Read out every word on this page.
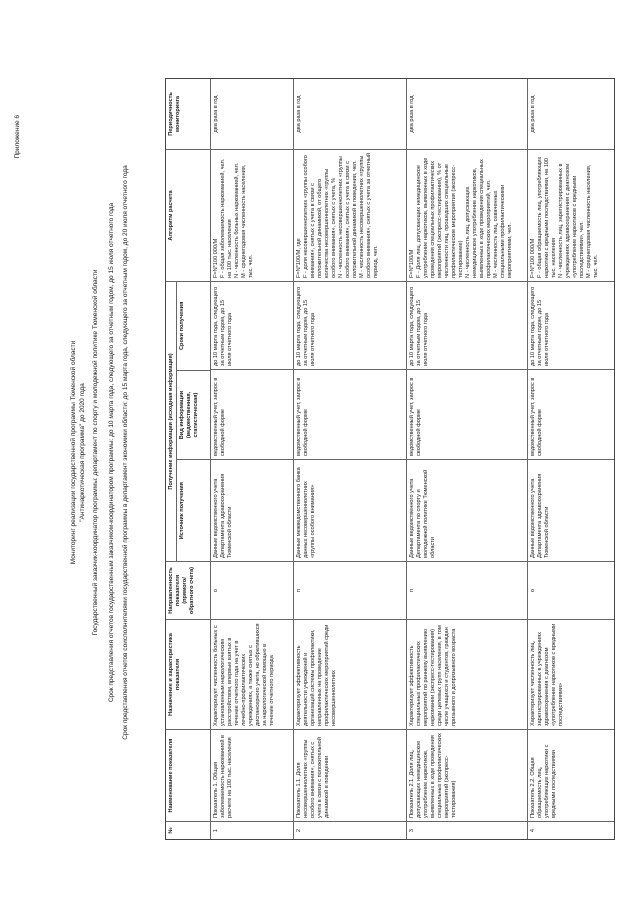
Приложение 6
Мониторинг реализации государственной программы Тюменской области "Антинаркотическая программа" до 2020 года Государственный заказчик-координатор программы: департамент по спорту и молодежной политике Тюменской области Срок представления отчетов государственным заказчиком-координатором программы: до 10 марта года, следующего за отчетным годом, до 15 июля отчетного года Срок представления отчетов соисполнителями государственной программы в департамент экономики области: до 15 марта года, следующего за отчетным годом, до 20 июля отчетного года
№
Наименование показателя
Назначение и характеристика показателя
Направленность показателя (прямого/обратного счета)
Получение информации (исходная информация)
Источник получения
Вид информации (ведомственная, статистическая)
Сроки получения
Алгоритм расчета
Периодичность мониторинга
1
Показатель 1. Общая заболеваемость наркоманией в расчете на 100 тыс. населения
Характеризует численность больных с установленным наркологическим расстройством, впервые взятых в течение отчетного года на учет в лечебно-профилактических учреждениях, а также снятых с диспансерного учета, но обратившихся за наркологической помощью в течение отчетного периода
о
Данные ведомственного учета Департамента здравоохранения Тюменской области
ведомственный учет, запрос в свободной форме
до 10 марта года, следующего за отчетным годом, до 15 июля отчетного года
F=N*100 000/M
F - общая заболеваемость наркоманией, чел. на 100 тыс. населения
N - численность больных наркоманией, чел.
M - среднегодовая численность населения, тыс. чел.
два раза в год
2
Показатель 1.1. Доля несовершеннолетних «группы особого внимания», снятых с учета в связи с положительной динамикой в поведении
Характеризует эффективность деятельности учреждений и организаций системы профилактики, направленных на проведение профилактических мероприятий среди несовершеннолетних
п
Данные межведомственного банка данных несовершеннолетних «группы особого внимания»
ведомственный учет, запрос в свободной форме
до 10 марта года, следующего за отчетным годом, до 15 июля отчетного года
F=N*100/M, где
F - доля несовершеннолетних «группы особого внимания», снятых с учета в связи с положительной динамикой, от общего количества несовершеннолетних «группы особого внимания», снятых с учета, %
N - численность несовершеннолетних «группы особого внимания», снятых с учета в связи с положительной динамикой в поведении, чел.
M - численность несовершеннолетних «группы особого внимания», снятых с учета за отчетный период, чел.
два раза в год
3
Показатель 2.1. Доля лиц, допускающих немедицинское употребление наркотиков, выявленных в ходе проведения специальных профилактических мероприятий (экспресс-тестирования)
Характеризует эффективность специальных профилактических мероприятий по раннему выявлению наркомании (экспресс-тестирования) среди целевых групп населения, в том числе учащихся и студентов, граждан призывного и допризывного возраста
п
Данные ведомственного учета Департамента по спорту и молодежной политике Тюменской области
ведомственный учет, запрос в свободной форме
до 10 марта года, следующего за отчетным годом, до 15 июля отчетного года
F=N*100/M
F - Доля лиц, допускающих немедицинское употребление наркотиков, выявленных в ходе проведения специальных профилактических мероприятий (экспресс-тестирования), % от численности лиц, прошедших специальные профилактические мероприятия (экспресс-тестирование)
N - численность лиц, допускающих немедицинское употребление наркотиков, выявленных в ходе проведения специальных профилактических мероприятий, чел.
M - численность лиц, охваченных специальными профилактическими мероприятиями, чел.
два раза в год
4
Показатель 2.2. Общая обращаемость лиц, употребляющих наркотики с вредными последствиями
Характеризует численность лиц, зарегистрированных в учреждениях здравоохранения с диагнозом «употребление наркотиков с вредными последствиями»
о
Данные ведомственного учета Департамента здравоохранения Тюменской области
ведомственный учет, запрос в свободной форме
до 10 марта года, следующего за отчетным годом, до 15 июля отчетного года
F=N*100 000/M
F - общая обращаемость лиц, употребляющих наркотики с вредными последствиями, на 100 тыс. населения
N - численность лиц, зарегистрированных в учреждениях здравоохранения с диагнозом «употребление наркотиков с вредными последствиями», чел.
M - среднегодовая численность населения, тыс. чел.
два раза в год
